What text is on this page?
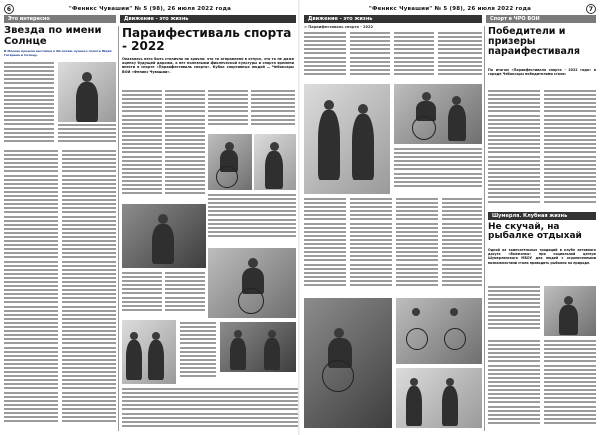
6	"Феникс Чувашии" № 5 (98), 26 июля 2022 года
Это интересно	Движение - это жизнь
Звезда по имени Солнце
В Москве прошла выставка к 60-летию лунного полета Юрия Гагарина и Солнцу.
Параифестиваль спорта - 2022
Оказалась него быть столично по зрачно: что то отправлено в отпуск, это то не даже оценку будущей дорожи, а нет полезными фиолеческой культуры и спорта времени внести в спорте «Параифестиваль спорта». Кубок спортивных людей — Чебоксары ВОИ «Феникс Чувашии».
"Феникс Чувашии" № 5 (98), 26 июля 2022 года	7
Движение - это жизнь	Спорт в ЧРО ВОИ
> Параифестиваль спорта - 2022	Победители и призеры параифестиваля
По итогам «Параифестиваля спорта - 2022 года» в городе Чебоксары победителями стали:
Шумерля. Клубная жизнь
Не скучай, на рыбалке отдыхай
Одной из замечательных традиций в клубе активного досуга «Волжанка» при социальной центре Шумерлинского МБОУ для людей с ограниченными возможностями стали проводить рыбалки на природе.
